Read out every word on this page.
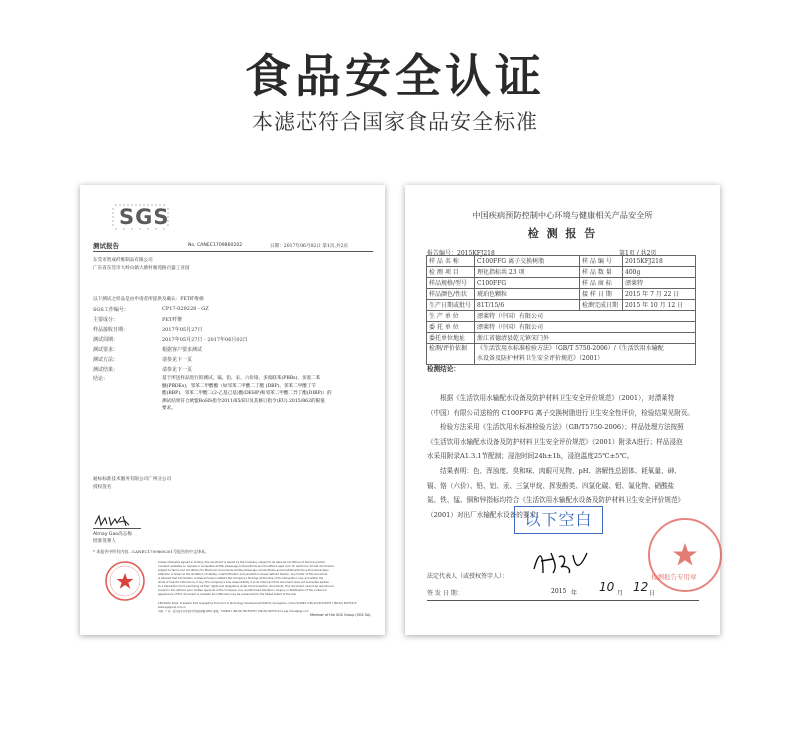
食品安全认证
本滤芯符合国家食品安全标准
SGS
测试报告	No. CANEC1709860202	日期：2017年06月02日 第1页,共2页
东莞市智成纤维制品有限公司
广东省东莞市大岭山镇大塘村雁苑路百盛工业园
以下测试之样品是由申请者所提供及确认：PET纤维棉
SGS工作编号：	CP17-029228 - GZ
主要成分：	PET纤维
样品接收日期：	2017年05月27日
测试周期：	2017年05月27日 - 2017年06月02日
测试要求：	根据客户要求测试
测试方法：	请参见下一页
测试结果：	请参见下一页
结论：	基于所送样品进行的测试，镉、铅、汞、六价铬、多溴联苯(PBBs)、多溴二苯
醚(PBDEs)，邻苯二甲酸酯（如邻苯二甲酸二丁酯 (DBP)、邻苯二甲酸丁苄
酯(BBP)、邻苯二甲酸二(2-乙基己基)酯(DEHP)和邻苯二甲酸二异丁酯(DIBP)）的
测试结果符合欧盟RoHS指令2011/65/EU及其修订指令(EU) 2015/863的限值
要求。
通标标准技术服务有限公司广州分公司
授权签名
Almay Gao高志梅
批准签署人
* 本报告中所有内容...CANEC1709860201号报告的中文译本。
Unless otherwise agreed in writing, this document is issued by the Company subject to its General Conditions of Service printed
overleaf, available on request or accessible at http://www.sgs.com/en/Terms-and-Conditions.aspx and, for electronic format documents,
subject to Terms and Conditions for Electronic Documents at http://www.sgs.com/en/Terms-and-Conditions/Terms-e-Document.aspx.
Attention is drawn to the limitation of liability, indemnification and jurisdiction issues defined therein. Any holder of this document
is advised that information contained hereon reflects the Company's findings at the time of its intervention only and within the
limits of Client's instructions, if any. The Company's sole responsibility is to its Client and this document does not exonerate parties
to a transaction from exercising all their rights and obligations under the transaction documents. This document cannot be reproduced
except in full, without prior written approval of the Company. Any unauthorized alteration, forgery or falsification of the content or
appearance of this document is unlawful and offenders may be prosecuted to the fullest extent of the law.
198 Kezhu Road, Scientech Park Guangzhou Economic & Technology Development District, Guangzhou, China 510663 t (86-20) 82155555 f (86-20) 82075113 www.sgsgroup.com.cn
中国 · 广州 · 经济技术开发区科学城科珠路198号 邮编：510663 t (86-20) 82155555 f (86-20) 82075113 e sgs.china@sgs.com
Member of the SGS Group (SGS SA)
中国疾病预防控制中心环境与健康相关产品安全所
检 测 报 告
报告编号：2015KFJ218	第1页 / 共2页
样 品 名 称	C100FFG 离子交换树脂	样 品 编 号	2015KFJ218
检 测 项 目	理化指标共 23 项	样 品 数 量	400g
样品规格/型号	C100FFG	样 品 商 标	漂莱特
样品颜色/性状	琥珀色颗粒	接 样 日 期	2015 年 7 月 22 日
生产日期或批号	81T/15/6	检测完成日期	2015 年 10 月 12 日
生 产 单 位	漂莱特（中国）有限公司		
委 托 单 位	漂莱特（中国）有限公司		
委托单位地址	浙江省德清县乾元镇宋门外		
检测/评价依据	《生活饮用水标准检验方法》（GB/T 5750-2006）/《生活饮用水输配
水设备及防护材料卫生安全评价规范》（2001）		
检测结论：

根据《生活饮用水输配水设备及防护材料卫生安全评价规范》（2001），对漂莱特

（中国）有限公司送检的 C100FFG 离子交换树脂进行卫生安全性评价，检验结果见附页。

检验方法采用《生活饮用水标准检验方法》（GB/T5750-2006）；样品处理方法按照

《生活饮用水输配水设备及防护材料卫生安全评价规范》（2001）附录A进行；样品浸泡

水采用附录A1.3.1节配制；浸泡时间24h±1h，浸泡温度25℃±5℃。

结果表明：色、浑浊度、臭和味、肉眼可见物、pH、溶解性总固体、耗氧量、砷、

镉、铬（六价）、铅、铝、汞、三氯甲烷、挥发酚类、四氯化碳、钼、氟化物、硝酸盐

氮、铁、锰、铜和锌指标均符合《生活饮用水输配水设备及防护材料卫生安全评价规范》

（2001）对出厂水输配水设备的要求。

以下空白
检测报告专用章
法定代表人（或授权签字人）：
签 发 日 期：	2015 年 10 月 12 日
